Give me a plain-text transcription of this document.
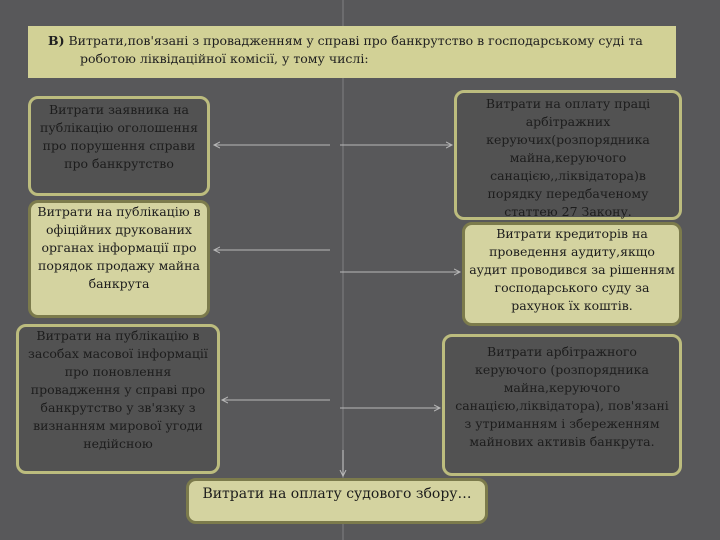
В) Витрати,пов'язані з провадженням у справі про банкрутство в господарському суді та
роботою ліквідаційної комісії, у тому числі:
Витрати заявника на публікацію оголошення про порушення справи про банкрутство
Витрати на публікацію в офіційних друкованих органах інформації про порядок продажу майна банкрута
Витрати на публікацію в засобах масової інформації про поновлення провадження у справі про банкрутство у зв'язку з визнанням мирової угоди недійсною
Витрати на оплату праці арбітражних керуючих(розпорядника майна,керуючого санацією,,ліквідатора)в порядку передбаченому статтею 27 Закону.
Витрати кредиторів на проведення аудиту,якщо аудит проводився за рішенням господарського суду за рахунок їх коштів.
Витрати арбітражного керуючого (розпорядника майна,керуючого санацією,ліквідатора), пов'язані з утриманням і збереженням майнових активів банкрута.
Витрати на оплату судового збору…
